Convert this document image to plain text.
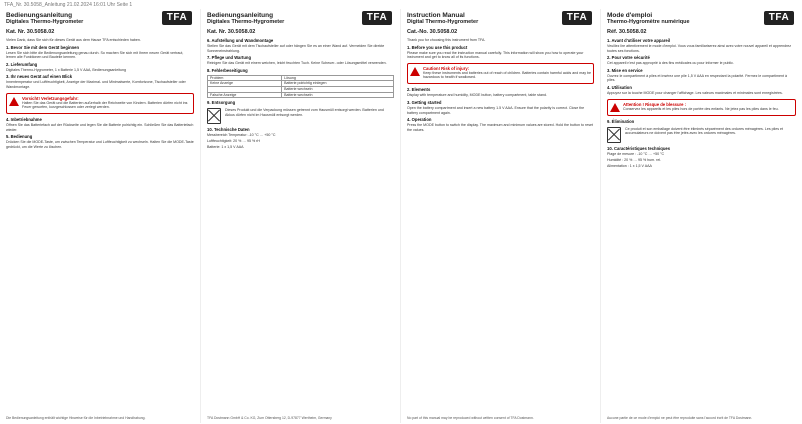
TFA_Nr. 30.5058_Anleitung 21.02.2024 16:01 Uhr Seite 1
TFA
Bedienungsanleitung
Digitales Thermo-Hygrometer
Kat. Nr. 30.5058.02

Vielen Dank, dass Sie sich für dieses Gerät aus dem Hause TFA entschieden haben.

1. Bevor Sie mit dem Gerät beginnen

Lesen Sie sich bitte die Bedienungsanleitung genau durch. So machen Sie sich mit Ihrem neuen Gerät vertraut, lernen alle Funktionen und Bauteile kennen.

2. Lieferumfang

Digitales Thermo-Hygrometer, 1 x Batterie 1,5 V AAA, Bedienungsanleitung

3. Ihr neues Gerät auf einen Blick

Innentemperatur und Luftfeuchtigkeit, Anzeige der Maximal- und Minimalwerte, Komfortzone, Tischaufsteller oder Wandmontage.

Vorsicht! Verletzungsgefahr:

Halten Sie das Gerät und die Batterien außerhalb der Reichweite von Kindern. Batterien dürfen nicht ins Feuer geworfen, kurzgeschlossen oder zerlegt werden.

4. Inbetriebnahme

Öffnen Sie das Batteriefach auf der Rückseite und legen Sie die Batterie polrichtig ein. Schließen Sie das Batteriefach wieder.

5. Bedienung

Drücken Sie die MODE-Taste, um zwischen Temperatur und Luftfeuchtigkeit zu wechseln. Halten Sie die MODE-Taste gedrückt, um die Werte zu löschen.

Die Bedienungsanleitung enthält wichtige Hinweise für die Inbetriebnahme und Handhabung.
TFA
Bedienungsanleitung
Digitales Thermo-Hygrometer
Kat. Nr. 30.5058.02
6. Aufstellung und Wandmontage

Stellen Sie das Gerät mit dem Tischaufsteller auf oder hängen Sie es an einer Wand auf. Vermeiden Sie direkte Sonneneinstrahlung.

7. Pflege und Wartung

Reinigen Sie das Gerät mit einem weichen, leicht feuchten Tuch. Keine Scheuer- oder Lösungsmittel verwenden.

8. Fehlerbeseitigung
Problem	Lösung
Keine Anzeige	Batterie polrichtig einlegen
	Batterie wechseln
Falsche Anzeige	Batterie wechseln
9. Entsorgung

Dieses Produkt und die Verpackung müssen getrennt vom Hausmüll entsorgt werden. Batterien und Akkus dürfen nicht im Hausmüll entsorgt werden.

10. Technische Daten

Messbereich Temperatur: -10 °C … +50 °C

Luftfeuchtigkeit: 20 % … 95 % rH

Batterie: 1 x 1,5 V AAA

TFA Dostmann GmbH & Co. KG, Zum Ottersberg 12, D-97877 Wertheim, Germany
TFA
Instruction Manual
Digital Thermo-Hygrometer
Cat.-No. 30.5058.02

Thank you for choosing this instrument from TFA.

1. Before you use this product

Please make sure you read the instruction manual carefully. This information will show you how to operate your instrument and get to know all of its functions.

Caution! Risk of injury:

Keep these instruments and batteries out of reach of children. Batteries contain harmful acids and may be hazardous to health if swallowed.

2. Elements

Display with temperature and humidity, MODE button, battery compartment, table stand.

3. Getting started

Open the battery compartment and insert a new battery 1.5 V AAA. Ensure that the polarity is correct. Close the battery compartment again.

4. Operation

Press the MODE button to switch the display. The maximum and minimum values are stored. Hold the button to reset the values.

No part of this manual may be reproduced without written consent of TFA Dostmann.
TFA
Mode d'emploi
Thermo-Hygromètre numérique
Réf. 30.5058.02
1. Avant d'utiliser votre appareil

Veuillez lire attentivement le mode d'emploi. Vous vous familiariserez ainsi avec votre nouvel appareil et apprendrez toutes ses fonctions.

2. Pour votre sécurité

Cet appareil n'est pas approprié à des fins médicales ou pour informer le public.

3. Mise en service

Ouvrez le compartiment à piles et insérez une pile 1,5 V AAA en respectant la polarité. Fermez le compartiment à piles.

4. Utilisation

Appuyez sur la touche MODE pour changer l'affichage. Les valeurs maximales et minimales sont enregistrées.

Attention ! Risque de blessure :

Conservez les appareils et les piles hors de portée des enfants. Ne jetez pas les piles dans le feu.

9. Élimination

Ce produit et son emballage doivent être éliminés séparément des ordures ménagères. Les piles et accumulateurs ne doivent pas être jetés avec les ordures ménagères.

10. Caractéristiques techniques

Plage de mesure : -10 °C … +50 °C

Humidité : 20 % … 95 % hum. rel.

Alimentation : 1 x 1,5 V AAA

Aucune partie de ce mode d'emploi ne peut être reproduite sans l'accord écrit de TFA Dostmann.
